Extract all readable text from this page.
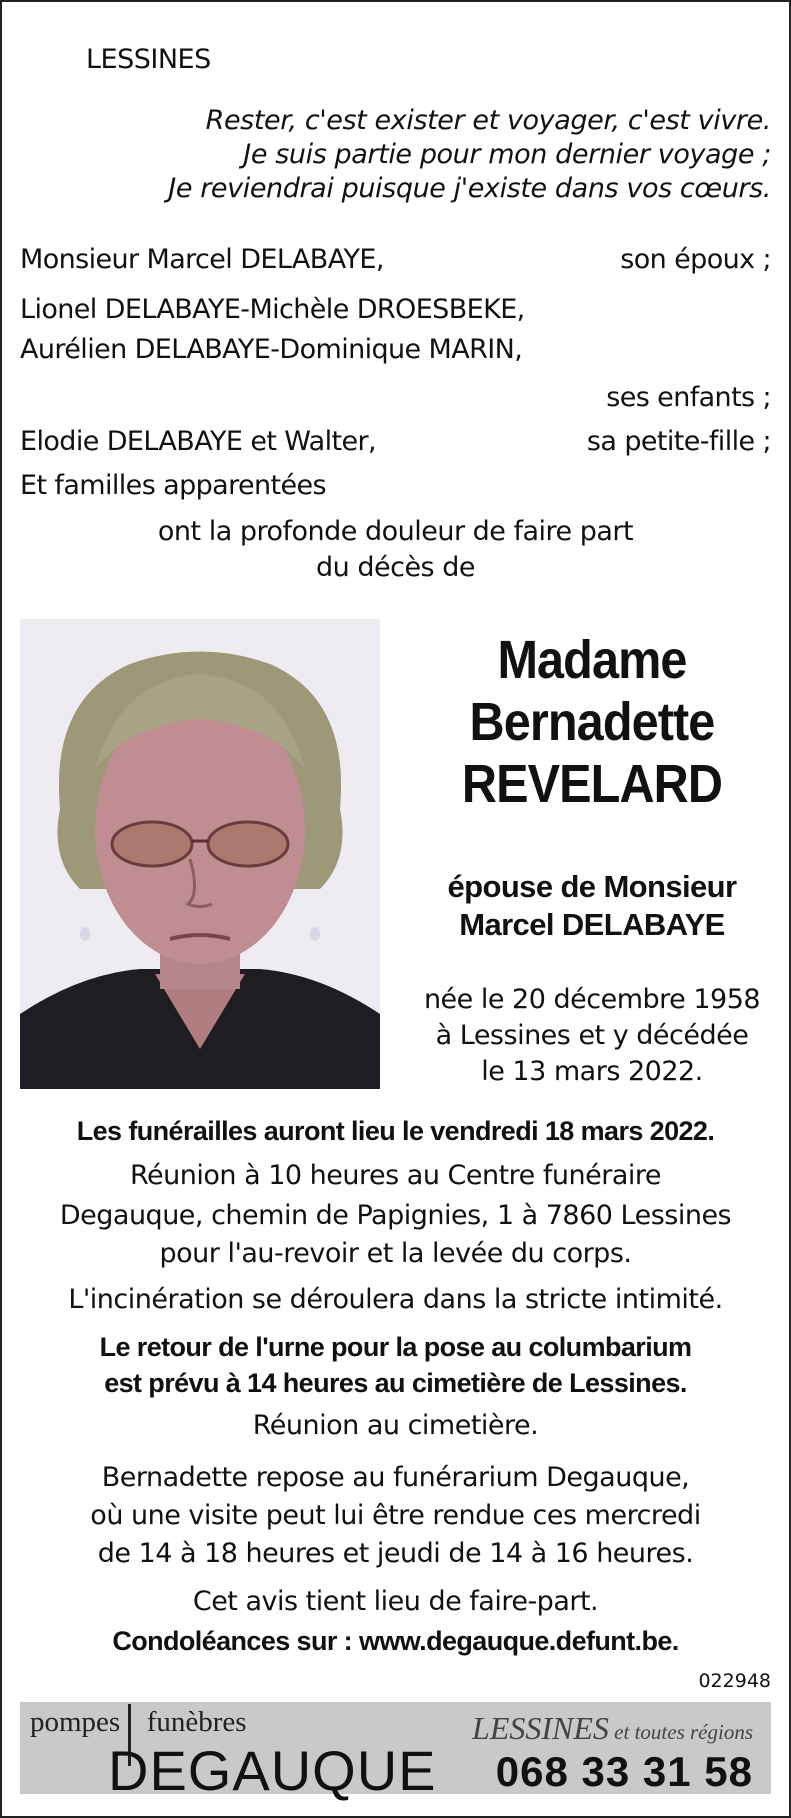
LESSINES
Rester, c'est exister et voyager, c'est vivre.
Je suis partie pour mon dernier voyage ;
Je reviendrai puisque j'existe dans vos cœurs.
Monsieur Marcel DELABAYE,	son époux ;
Lionel DELABAYE-Michèle DROESBEKE,
Aurélien DELABAYE-Dominique MARIN,
ses enfants ;
Elodie DELABAYE et Walter,	sa petite-fille ;
Et familles apparentées
ont la profonde douleur de faire part
du décès de
Madame
Bernadette
REVELARD
épouse de Monsieur
Marcel DELABAYE
née le 20 décembre 1958
à Lessines et y décédée
le 13 mars 2022.
Les funérailles auront lieu le vendredi 18 mars 2022.
Réunion à 10 heures au Centre funéraire
Degauque, chemin de Papignies, 1 à 7860 Lessines
pour l'au-revoir et la levée du corps.
L'incinération se déroulera dans la stricte intimité.
Le retour de l'urne pour la pose au columbarium
est prévu à 14 heures au cimetière de Lessines.
Réunion au cimetière.
Bernadette repose au funérarium Degauque,
où une visite peut lui être rendue ces mercredi
de 14 à 18 heures et jeudi de 14 à 16 heures.
Cet avis tient lieu de faire-part.
Condoléances sur : www.degauque.defunt.be.
022948
pompes funèbres
DEGAUQUE
LESSINES et toutes régions
068 33 31 58
